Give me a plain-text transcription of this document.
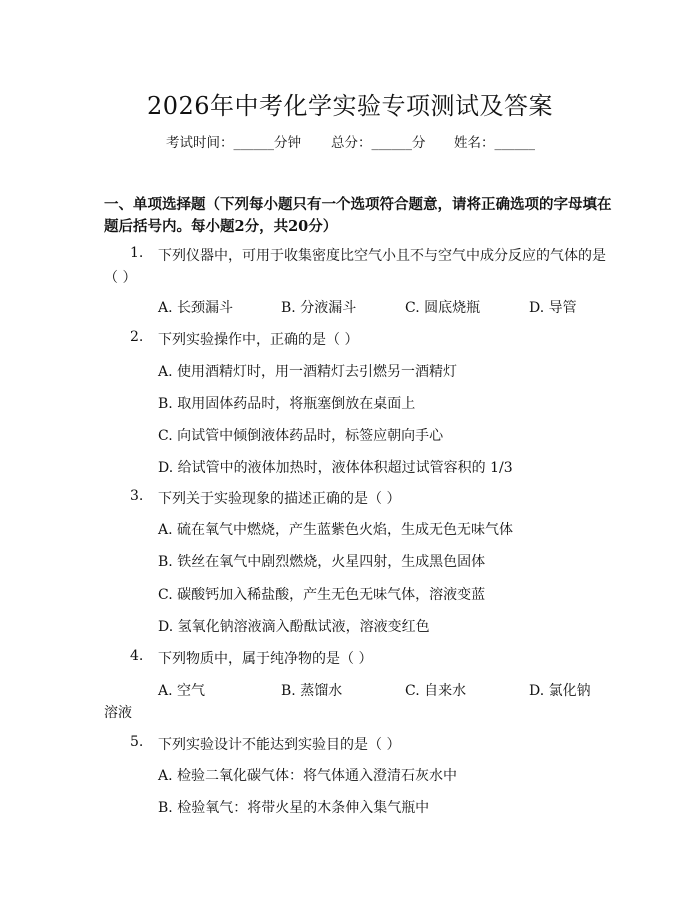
2026年中考化学实验专项测试及答案
考试时间：______分钟 总分：______分 姓名：______
一、单项选择题（下列每小题只有一个选项符合题意，请将正确选项的字母填在
题后括号内。每小题2分，共20分）
1. 下列仪器中，可用于收集密度比空气小且不与空气中成分反应的气体的是
（ ）
A. 长颈漏斗	B. 分液漏斗	C. 圆底烧瓶	D. 导管
2. 下列实验操作中，正确的是（ ）
A. 使用酒精灯时，用一酒精灯去引燃另一酒精灯
B. 取用固体药品时，将瓶塞倒放在桌面上
C. 向试管中倾倒液体药品时，标签应朝向手心
D. 给试管中的液体加热时，液体体积超过试管容积的 1/3
3. 下列关于实验现象的描述正确的是（ ）
A. 硫在氧气中燃烧，产生蓝紫色火焰，生成无色无味气体
B. 铁丝在氧气中剧烈燃烧，火星四射，生成黑色固体
C. 碳酸钙加入稀盐酸，产生无色无味气体，溶液变蓝
D. 氢氧化钠溶液滴入酚酞试液，溶液变红色
4. 下列物质中，属于纯净物的是（ ）
A. 空气	B. 蒸馏水	C. 自来水	D. 氯化钠
溶液
5. 下列实验设计不能达到实验目的是（ ）
A. 检验二氧化碳气体：将气体通入澄清石灰水中
B. 检验氧气：将带火星的木条伸入集气瓶中
